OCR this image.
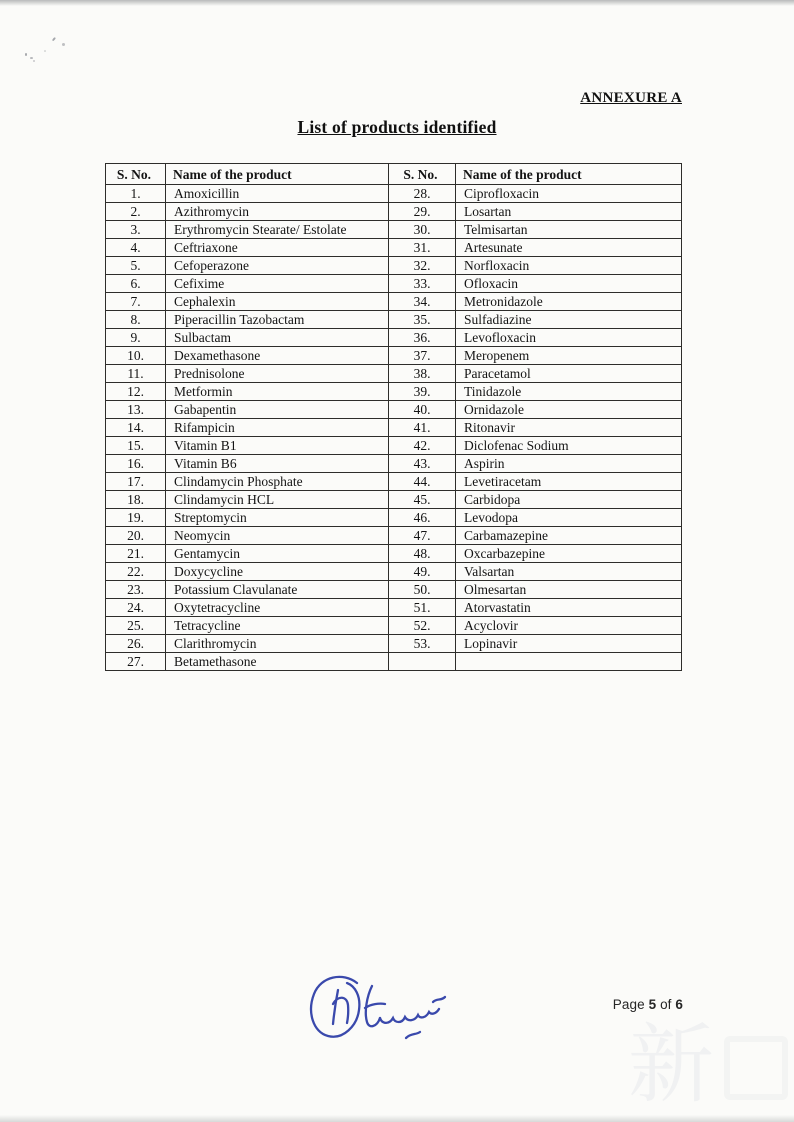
ANNEXURE A
List of products identified
S. No.	Name of the product	S. No.	Name of the product
1.	Amoxicillin	28.	Ciprofloxacin
2.	Azithromycin	29.	Losartan
3.	Erythromycin Stearate/ Estolate	30.	Telmisartan
4.	Ceftriaxone	31.	Artesunate
5.	Cefoperazone	32.	Norfloxacin
6.	Cefixime	33.	Ofloxacin
7.	Cephalexin	34.	Metronidazole
8.	Piperacillin Tazobactam	35.	Sulfadiazine
9.	Sulbactam	36.	Levofloxacin
10.	Dexamethasone	37.	Meropenem
11.	Prednisolone	38.	Paracetamol
12.	Metformin	39.	Tinidazole
13.	Gabapentin	40.	Ornidazole
14.	Rifampicin	41.	Ritonavir
15.	Vitamin B1	42.	Diclofenac Sodium
16.	Vitamin B6	43.	Aspirin
17.	Clindamycin Phosphate	44.	Levetiracetam
18.	Clindamycin HCL	45.	Carbidopa
19.	Streptomycin	46.	Levodopa
20.	Neomycin	47.	Carbamazepine
21.	Gentamycin	48.	Oxcarbazepine
22.	Doxycycline	49.	Valsartan
23.	Potassium Clavulanate	50.	Olmesartan
24.	Oxytetracycline	51.	Atorvastatin
25.	Tetracycline	52.	Acyclovir
26.	Clarithromycin	53.	Lopinavir
27.	Betamethasone		
Page 5 of 6
新
